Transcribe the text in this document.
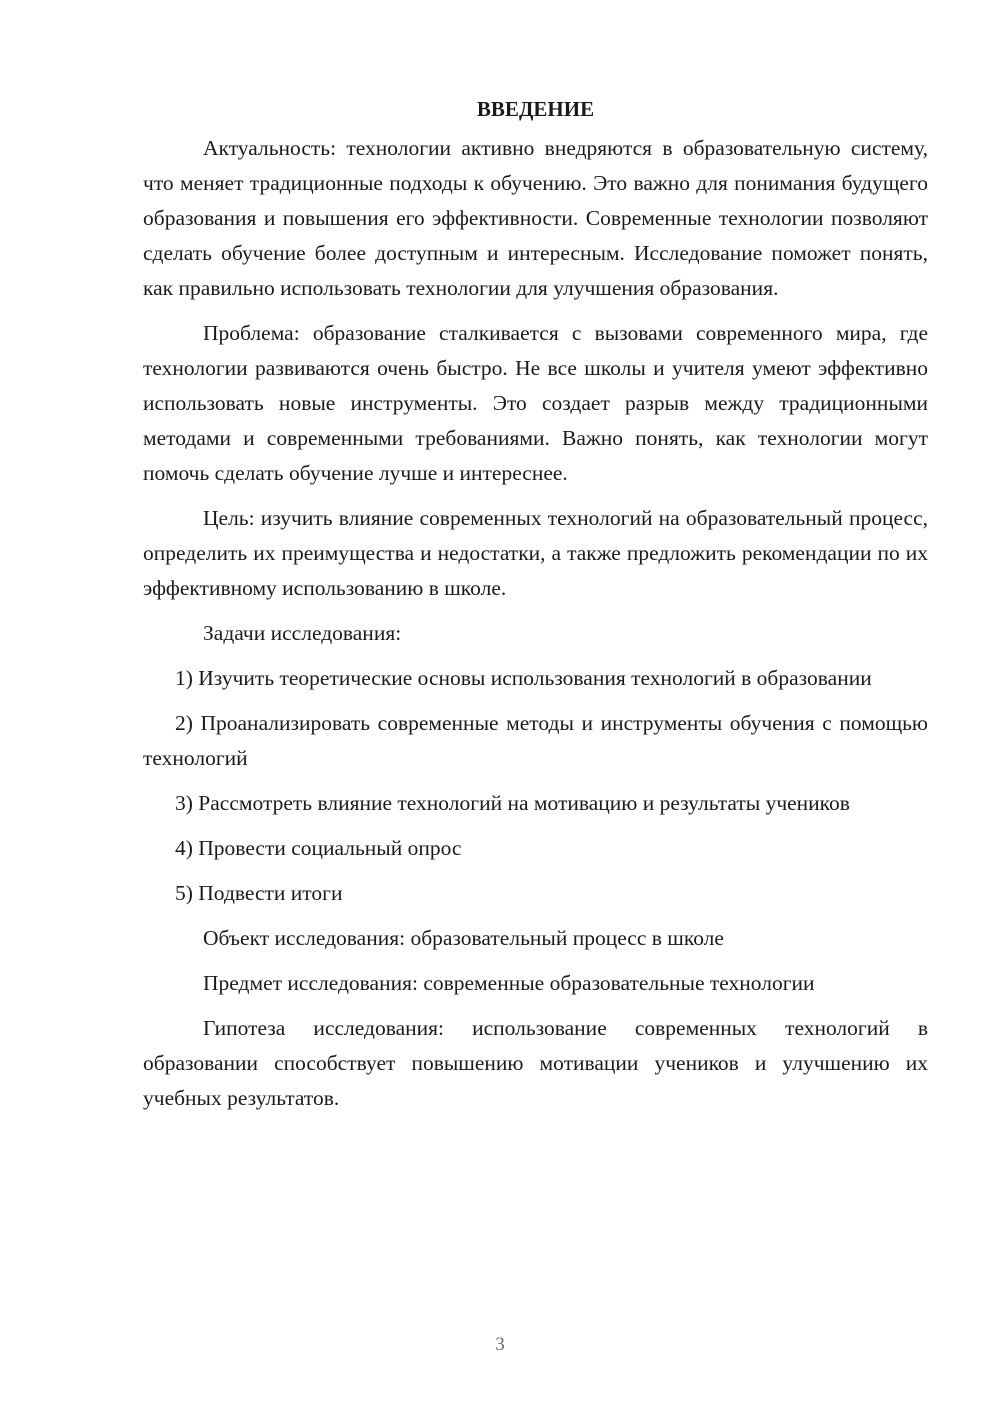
ВВЕДЕНИЕ

Актуальность: технологии активно внедряются в образовательную систему, что меняет традиционные подходы к обучению. Это важно для понимания будущего образования и повышения его эффективности. Современные технологии позволяют сделать обучение более доступным и интересным. Исследование поможет понять, как правильно использовать технологии для улучшения образования.

Проблема: образование сталкивается с вызовами современного мира, где технологии развиваются очень быстро. Не все школы и учителя умеют эффективно использовать новые инструменты. Это создает разрыв между традиционными методами и современными требованиями. Важно понять, как технологии могут помочь сделать обучение лучше и интереснее.

Цель: изучить влияние современных технологий на образовательный процесс, определить их преимущества и недостатки, а также предложить рекомендации по их эффективному использованию в школе.

Задачи исследования:

1) Изучить теоретические основы использования технологий в образовании

2) Проанализировать современные методы и инструменты обучения с помощью технологий

3) Рассмотреть влияние технологий на мотивацию и результаты учеников

4) Провести социальный опрос

5) Подвести итоги

Объект исследования: образовательный процесс в школе

Предмет исследования: современные образовательные технологии

Гипотеза исследования: использование современных технологий в образовании способствует повышению мотивации учеников и улучшению их учебных результатов.

3
